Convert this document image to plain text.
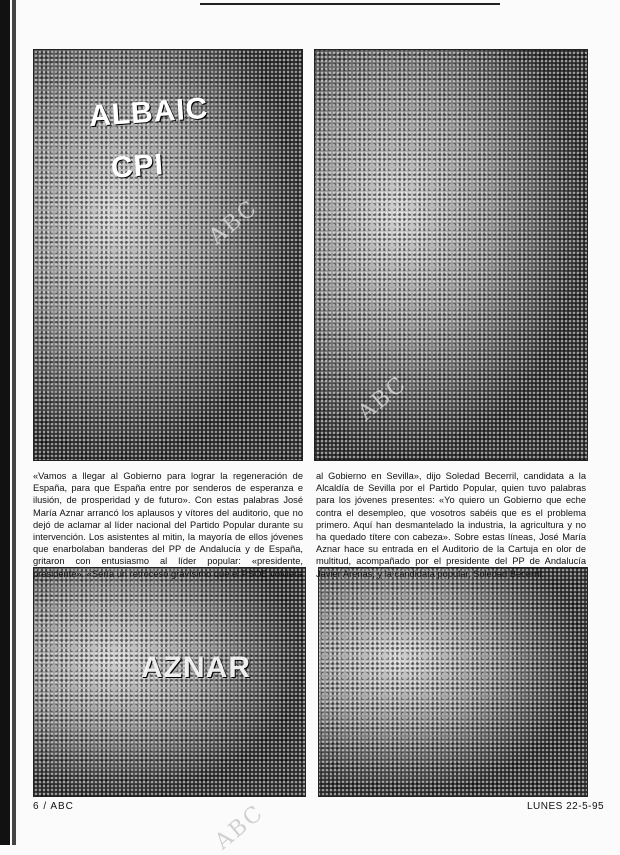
ALBAIC
CPI
ABC
ABC
AZNAR
«Vamos a llegar al Gobierno para lograr la regeneración de España, para que España entre por senderos de esperanza e ilusión, de prosperidad y de futuro». Con estas palabras José María Aznar arrancó los aplausos y vítores del auditorio, que no dejó de aclamar al líder nacional del Partido Popular durante su intervención. Los asistentes al mitin, la mayoría de ellos jóvenes que enarbolaban banderas del PP de Andalucía y de España, gritaron con entusiasmo al líder popular: «presidente, presidente». «Sería un retroceso gravísimo que el PSOE volviera
al Gobierno en Sevilla», dijo Soledad Becerril, candidata a la Alcaldía de Sevilla por el Partido Popular, quien tuvo palabras para los jóvenes presentes: «Yo quiero un Gobierno que eche contra el desempleo, que vosotros sabéis que es el problema primero. Aquí han desmantelado la industria, la agricultura y no ha quedado títere con cabeza». Sobre estas líneas, José María Aznar hace su entrada en el Auditorio de la Cartuja en olor de multitud, acompañado por el presidente del PP de Andalucía Javier Arenas, y la candidata popular, Soledad Becerril.
6 / ABC	LUNES 22-5-95
ABC
